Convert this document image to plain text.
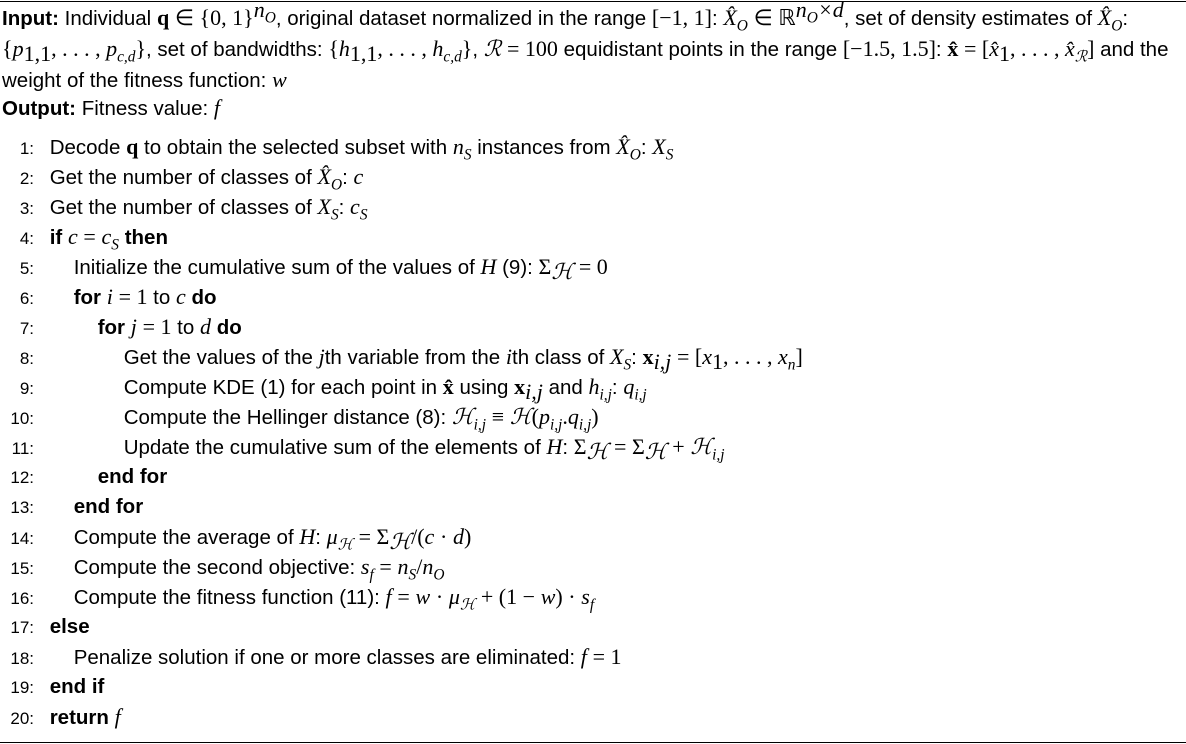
Input: Individual q ∈ {0, 1}$^{n_O}$, original dataset normalized in the range [−1, 1]: $X̂_O$ ∈ ℝ$^{n_O\times d}$, set of density estimates of $X̂_O$: {$p_{1,1}$, . . . , $p_{c,d}$}, set of bandwidths: {$h_{1,1}$, . . . , $h_{c,d}$}, ℛ = 100 equidistant points in the range [−1.5, 1.5]: x̂ = [$x̂_1$, . . . , $x̂_ℛ$] and the weight of the fitness function: w
Output: Fitness value: f
1: Decode q to obtain the selected subset with $n_S$ instances from $X̂_O$: $X_S$
2: Get the number of classes of $X̂_O$: c
3: Get the number of classes of $X_S$: $c_S$
4: if $c = c_S$ then
5: Initialize the cumulative sum of the values of H (9): $\Sigma_ℋ = 0$
6: for i = 1 to c do
7:	for j = 1 to d do
8:	Get the values of the jth variable from the ith class of $X_S$: $x_{i,j} = [x_1$, . . . , $x_n$]
9:	Compute KDE (1) for each point in x̂ using $x_{i,j}$ and $h_{i,j}$: $q_{i,j}$
10:	Compute the Hellinger distance (8): ℋ$_{i,j}$ ≡ $ℋ(p_{i,j}.q_{i,j})$
11:	Update the cumulative sum of the elements of H: $\Sigma_ℋ = \Sigma_ℋ$ + ℋ$_{i,j}$
12:	end for
13: end for
14: Compute the average of H: $\mu_ℋ = \Sigma_ℋ/(c \cdot d)$
15: Compute the second objective: $s_f = n_S/n_O$
16: Compute the fitness function (11): $f = w \cdot \mu_ℋ + (1 - w) \cdot s_f$
17: else
18: Penalize solution if one or more classes are eliminated: f = 1
19: end if
20: return f
